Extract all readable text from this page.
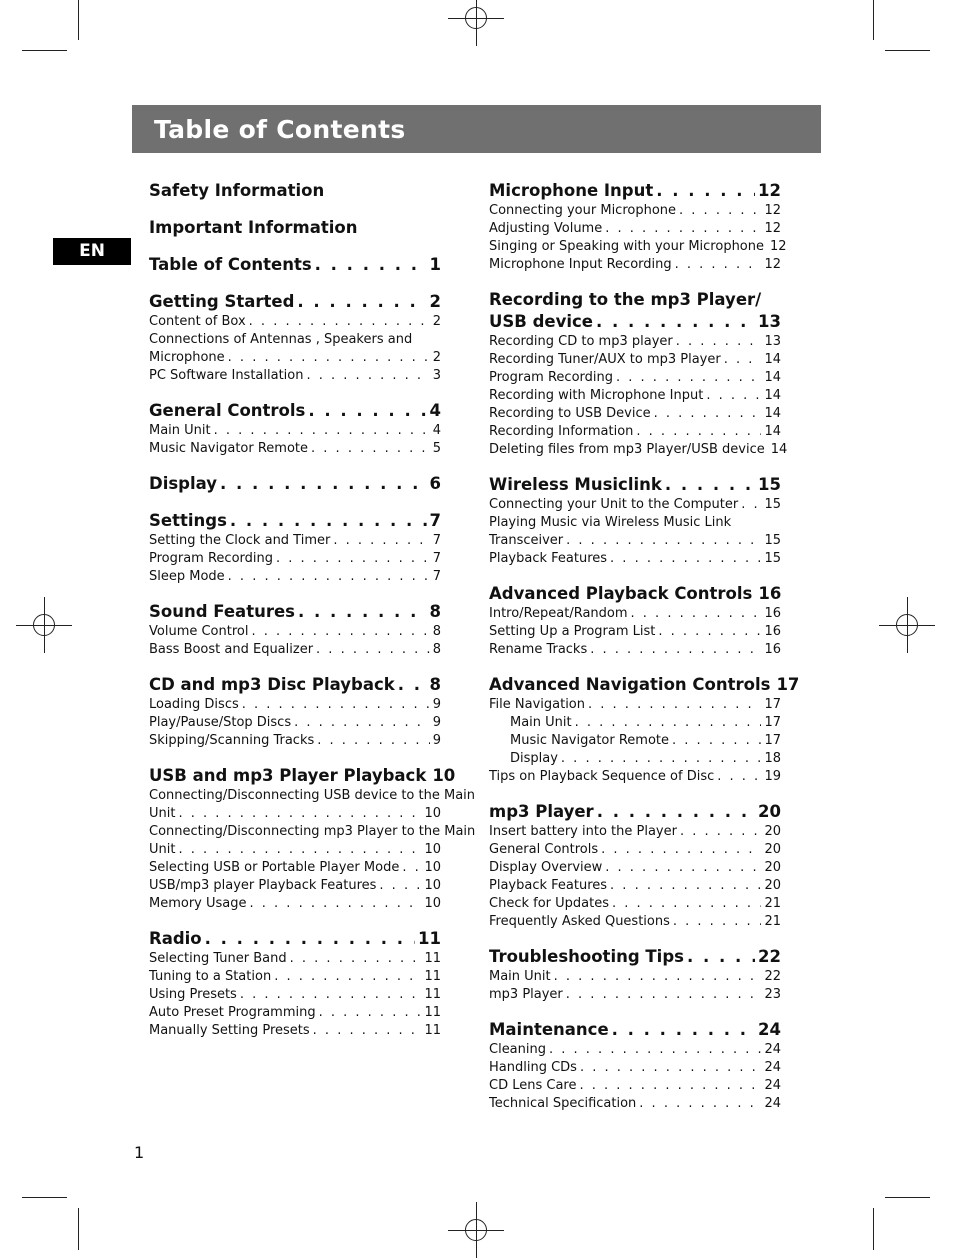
Table of Contents
EN
Safety Information
Important Information
Table of Contents . . .	1
Getting Started . . .	2
Content of Box . . .	2
Connections of Antennas , Speakers and
Microphone . . .	2
PC Software Installation . . .	3
General Controls . . .	4
Main Unit . . .	4
Music Navigator Remote . . .	5
Display . . .	6
Settings . . .	7
Setting the Clock and Timer . . .	7
Program Recording . . .	7
Sleep Mode . . .	7
Sound Features . . .	8
Volume Control . . .	8
Bass Boost and Equalizer . . .	8
CD and mp3 Disc Playback . . . 8
Loading Discs . . .	9
Play/Pause/Stop Discs . . .	9
Skipping/Scanning Tracks . . .	9
USB and mp3 Player Playback 10
Connecting/Disconnecting USB device to the Main
Unit . . .	10
Connecting/Disconnecting mp3 Player to the Main
Unit . . .	10
Selecting USB or Portable Player Mode . . . 10
USB/mp3 player Playback Features . . .	10
Memory Usage . . .	10
Radio . . .	11
Selecting Tuner Band . . .	11
Tuning to a Station . . .	11
Using Presets . . .	11
Auto Preset Programming . . .	11
Manually Setting Presets . . .	11
Microphone Input . . .	12
Connecting your Microphone . . .	12
Adjusting Volume . . .	12
Singing or Speaking with your Microphone 12
Microphone Input Recording . . .	12
Recording to the mp3 Player/
USB device . . .	13
Recording CD to mp3 player . . .	13
Recording Tuner/AUX to mp3 Player . . .	14
Program Recording . . .	14
Recording with Microphone Input . . .	14
Recording to USB Device . . .	14
Recording Information . . .	14
Deleting files from mp3 Player/USB device 14
Wireless Musiclink . . .	15
Connecting your Unit to the Computer . . . 15
Playing Music via Wireless Music Link
Transceiver . . .	15
Playback Features . . .	15
Advanced Playback Controls 16
Intro/Repeat/Random . . .	16
Setting Up a Program List . . .	16
Rename Tracks . . .	16
Advanced Navigation Controls 17
File Navigation . . .	17
Main Unit . . .	17
Music Navigator Remote . . .	17
Display . . .	18
Tips on Playback Sequence of Disc . . .	19
mp3 Player . . .	20
Insert battery into the Player . . .	20
General Controls . . .	20
Display Overview . . .	20
Playback Features . . .	20
Check for Updates . . .	21
Frequently Asked Questions . . .	21
Troubleshooting Tips . . .	22
Main Unit . . .	22
mp3 Player . . .	23
Maintenance . . .	24
Cleaning . . .	24
Handling CDs . . .	24
CD Lens Care . . .	24
Technical Specification . . .	24
1
